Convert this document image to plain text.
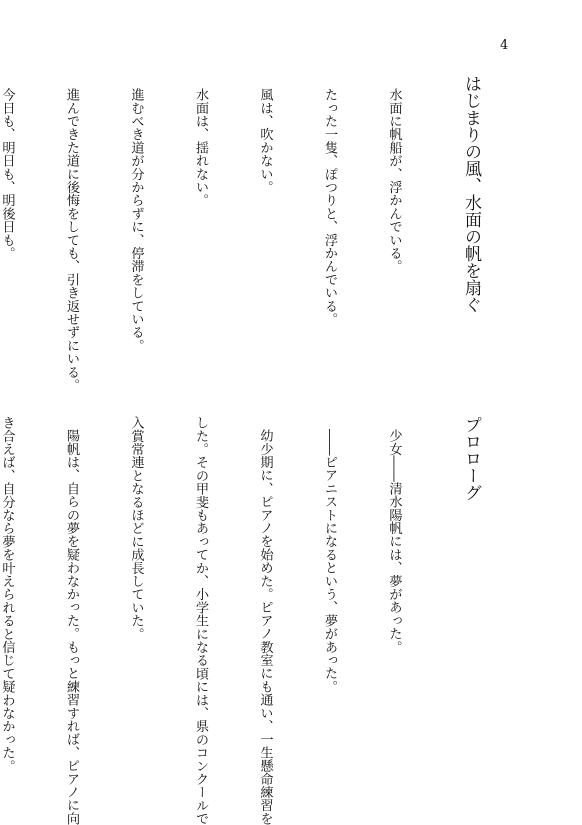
4

はじまりの風、水面の帆を扇ぐ

水面に帆船が、浮かんでいる。

たった一隻、ぽつりと、浮かんでいる。

風は、吹かない。

水面は、揺れない。

進むべき道が分からずに、停滞をしている。

進んできた道に後悔をしても、引き返せずにいる。

今日も、明日も、明後日も。

プロローグ

少女――清水陽帆には、夢があった。

――ピアニストになるという、夢があった。

幼少期に、ピアノを始めた。ピアノ教室にも通い、一生懸命練習を

した。その甲斐もあってか、小学生になる頃には、県のコンクールで

入賞常連となるほどに成長していた。

陽帆は、自らの夢を疑わなかった。もっと練習すれば、ピアノに向

き合えば、自分なら夢を叶えられると信じて疑わなかった。
